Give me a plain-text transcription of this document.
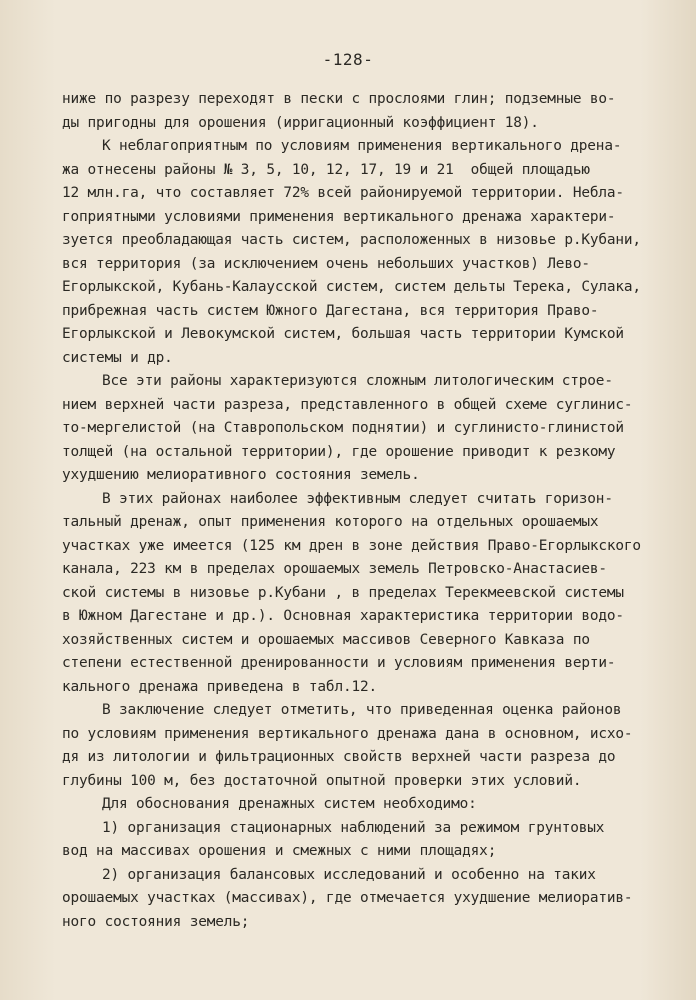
-128-
ниже по разрезу переходят в пески с прослоями глин; подземные во-
ды пригодны для орошения (ирригационный коэффициент 18).
К неблагоприятным по условиям применения вертикального дрена-
жа отнесены районы № 3, 5, 10, 12, 17, 19 и 21  общей площадью
12 млн.га, что составляет 72% всей районируемой территории. Небла-
гоприятными условиями применения вертикального дренажа характери-
зуется преобладающая часть систем, расположенных в низовье р.Кубани,
вся территория (за исключением очень небольших участков) Лево-
Егорлыкской, Кубань-Калаусской систем, систем дельты Терека, Сулака,
прибрежная часть систем Южного Дагестана, вся территория Право-
Егорлыкской и Левокумской систем, большая часть территории Кумской
системы и др.
Все эти районы характеризуются сложным литологическим строе-
нием верхней части разреза, представленного в общей схеме суглинис-
то-мергелистой (на Ставропольском поднятии) и суглинисто-глинистой
толщей (на остальной территории), где орошение приводит к резкому
ухудшению мелиоративного состояния земель.
В этих районах наиболее эффективным следует считать горизон-
тальный дренаж, опыт применения которого на отдельных орошаемых
участках уже имеется (125 км дрен в зоне действия Право-Егорлыкского
канала, 223 км в пределах орошаемых земель Петровско-Анастасиев-
ской системы в низовье р.Кубани , в пределах Терекмеевской системы
в Южном Дагестане и др.). Основная характеристика территории водо-
хозяйственных систем и орошаемых массивов Северного Кавказа по
степени естественной дренированности и условиям применения верти-
кального дренажа приведена в табл.12.
В заключение следует отметить, что приведенная оценка районов
по условиям применения вертикального дренажа дана в основном, исхо-
дя из литологии и фильтрационных свойств верхней части разреза до
глубины 100 м, без достаточной опытной проверки этих условий.
Для обоснования дренажных систем необходимо:
1) организация стационарных наблюдений за режимом грунтовых
вод на массивах орошения и смежных с ними площадях;
2) организация балансовых исследований и особенно на таких
орошаемых участках (массивах), где отмечается ухудшение мелиоратив-
ного состояния земель;
